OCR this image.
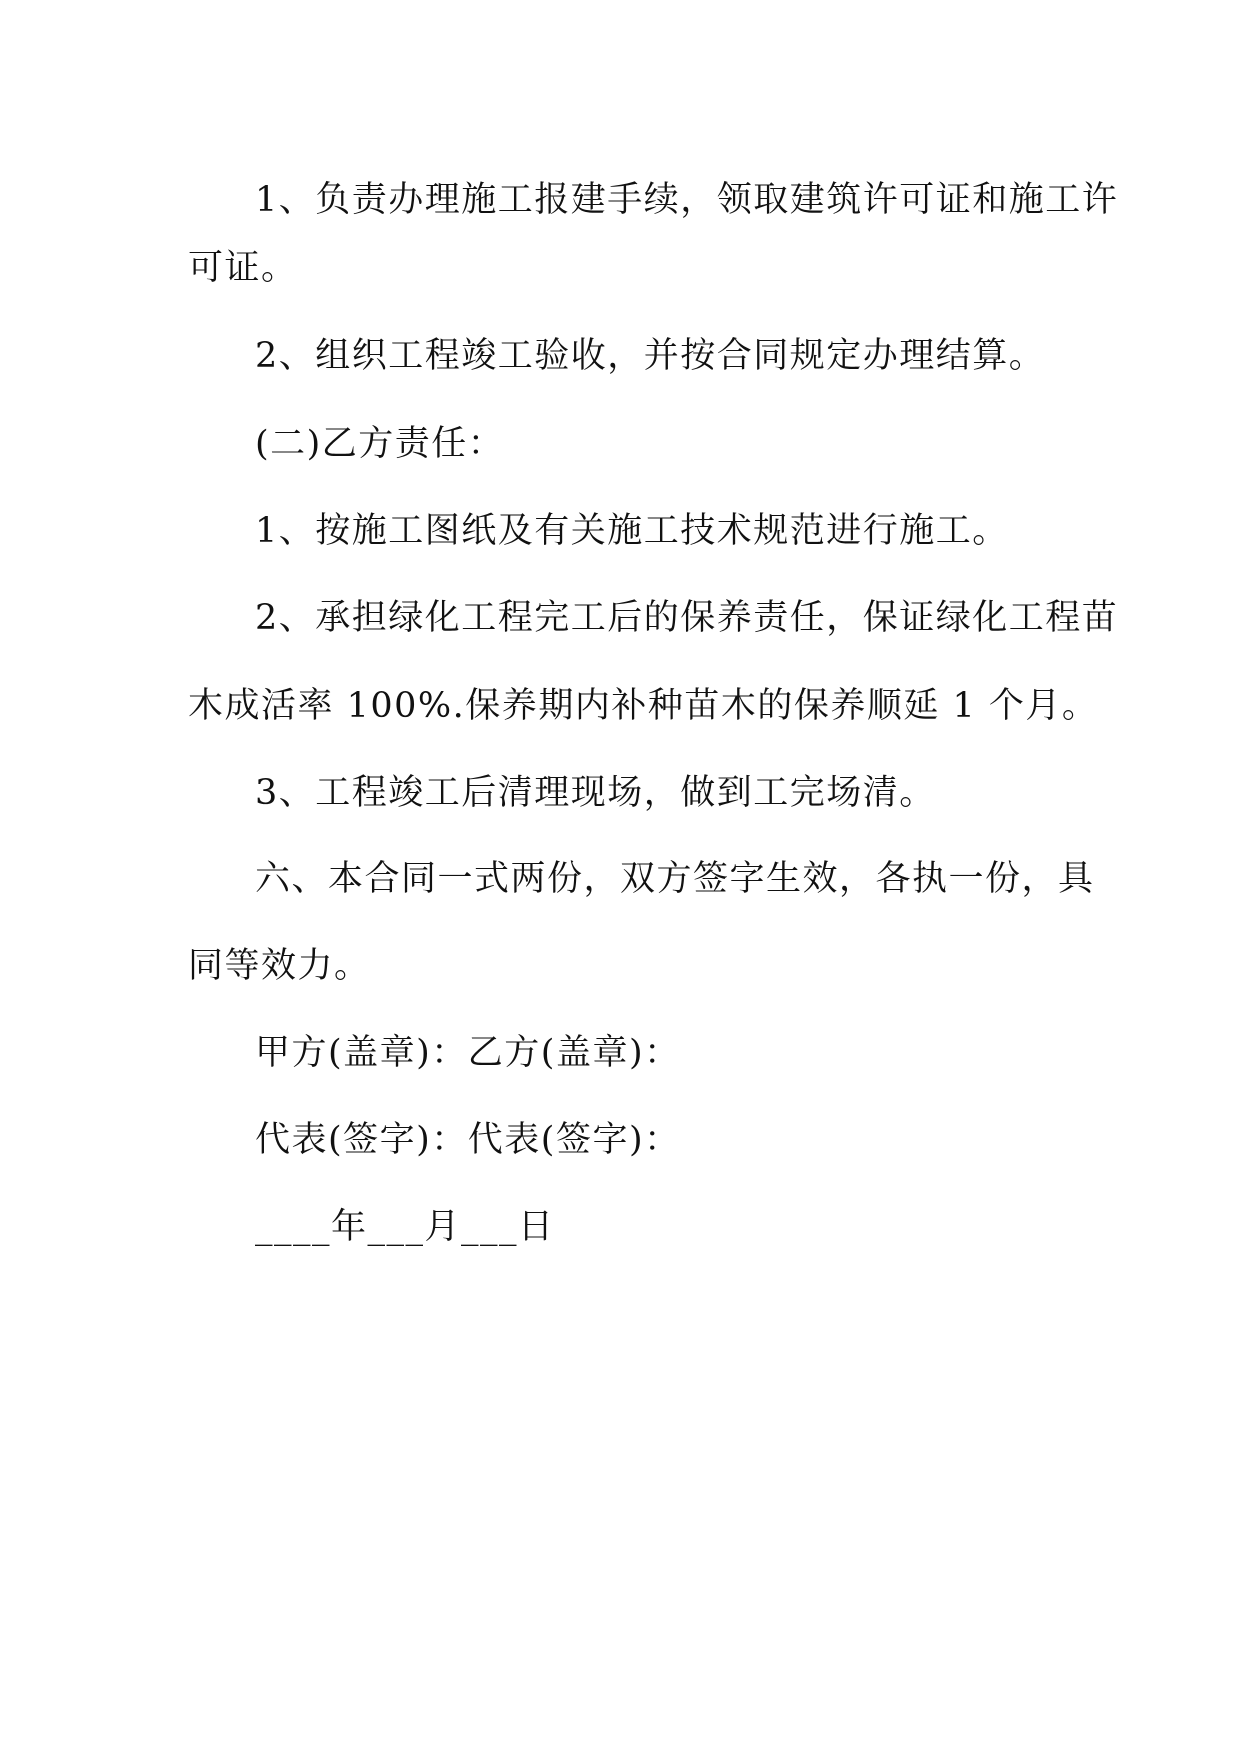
1、负责办理施工报建手续，领取建筑许可证和施工许

可证。

2、组织工程竣工验收，并按合同规定办理结算。

(二)乙方责任：

1、按施工图纸及有关施工技术规范进行施工。

2、承担绿化工程完工后的保养责任，保证绿化工程苗

木成活率 100%.保养期内补种苗木的保养顺延 1 个月。

3、工程竣工后清理现场，做到工完场清。

六、本合同一式两份，双方签字生效，各执一份，具

同等效力。

甲方(盖章)：乙方(盖章)：

代表(签字)：代表(签字)：

____年___月___日
